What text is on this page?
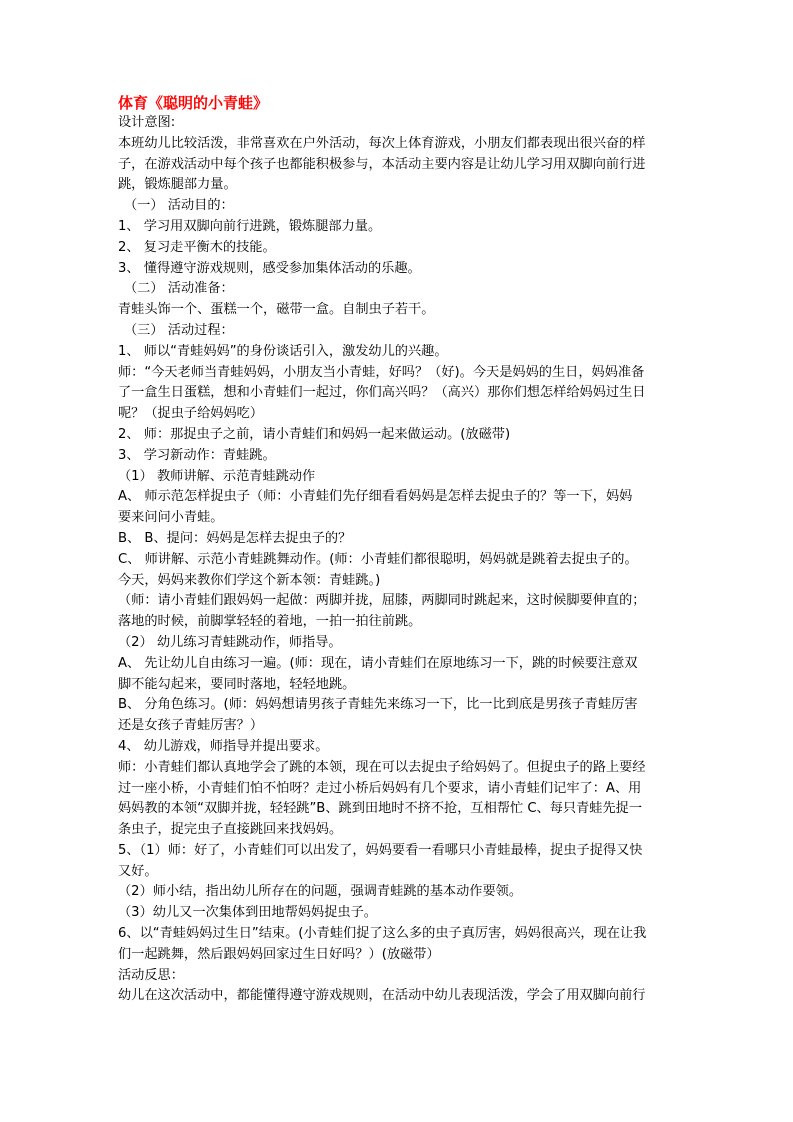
体育《聪明的小青蛙》
设计意图:
本班幼儿比较活泼，非常喜欢在户外活动，每次上体育游戏，小朋友们都表现出很兴奋的样
子，在游戏活动中每个孩子也都能积极参与，本活动主要内容是让幼儿学习用双脚向前行进
跳，锻炼腿部力量。
（一） 活动目的：
1、 学习用双脚向前行进跳，锻炼腿部力量。
2、 复习走平衡木的技能。
3、 懂得遵守游戏规则，感受参加集体活动的乐趣。
（二） 活动准备：
青蛙头饰一个、蛋糕一个，磁带一盒。自制虫子若干。
（三） 活动过程：
1、 师以“青蛙妈妈”的身份谈话引入，激发幼儿的兴趣。
师：“今天老师当青蛙妈妈，小朋友当小青蛙，好吗？（好)。今天是妈妈的生日，妈妈准备
了一盒生日蛋糕，想和小青蛙们一起过，你们高兴吗？（高兴）那你们想怎样给妈妈过生日
呢？（捉虫子给妈妈吃）
2、 师：那捉虫子之前，请小青蛙们和妈妈一起来做运动。(放磁带)
3、 学习新动作：青蛙跳。
（1） 教师讲解、示范青蛙跳动作
A、 师示范怎样捉虫子（师：小青蛙们先仔细看看妈妈是怎样去捉虫子的？等一下，妈妈
要来问问小青蛙。
B、 B、提问：妈妈是怎样去捉虫子的？
C、 师讲解、示范小青蛙跳舞动作。(师：小青蛙们都很聪明，妈妈就是跳着去捉虫子的。
今天，妈妈来教你们学这个新本领：青蛙跳。)
（师：请小青蛙们跟妈妈一起做：两脚并拢，屈膝，两脚同时跳起来，这时候脚要伸直的；
落地的时候，前脚掌轻轻的着地，一拍一拍往前跳。
（2） 幼儿练习青蛙跳动作，师指导。
A、 先让幼儿自由练习一遍。(师：现在，请小青蛙们在原地练习一下，跳的时候要注意双
脚不能勾起来，要同时落地，轻轻地跳。
B、 分角色练习。(师：妈妈想请男孩子青蛙先来练习一下，比一比到底是男孩子青蛙厉害
还是女孩子青蛙厉害？）
4、 幼儿游戏，师指导并提出要求。
师：小青蛙们都认真地学会了跳的本领，现在可以去捉虫子给妈妈了。但捉虫子的路上要经
过一座小桥，小青蛙们怕不怕呀？走过小桥后妈妈有几个要求，请小青蛙们记牢了：A、用
妈妈教的本领“双脚并拢，轻轻跳”B、跳到田地时不挤不抢，互相帮忙 C、每只青蛙先捉一
条虫子，捉完虫子直接跳回来找妈妈。
5、（1）师：好了，小青蛙们可以出发了，妈妈要看一看哪只小青蛙最棒，捉虫子捉得又快
又好。
（2）师小结，指出幼儿所存在的问题，强调青蛙跳的基本动作要领。
（3）幼儿又一次集体到田地帮妈妈捉虫子。
6、以“青蛙妈妈过生日”结束。(小青蛙们捉了这么多的虫子真厉害，妈妈很高兴，现在让我
们一起跳舞，然后跟妈妈回家过生日好吗？）(放磁带）
活动反思：
幼儿在这次活动中，都能懂得遵守游戏规则，在活动中幼儿表现活泼，学会了用双脚向前行
